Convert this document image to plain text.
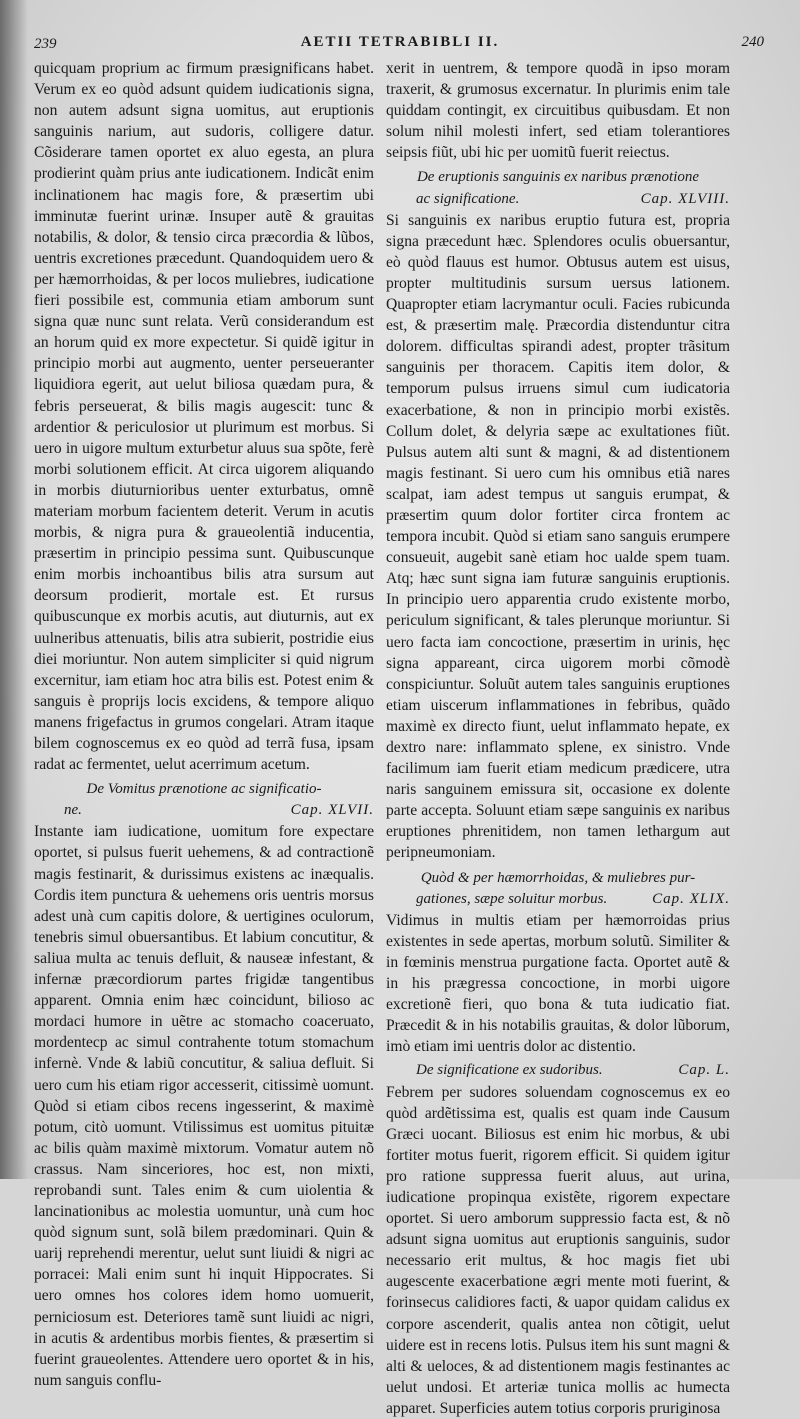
239	AETII TETRABIBLI II.	240

quicquam proprium ac firmum præsignificans habet. Verum ex eo quòd adsunt quidem iudicationis signa, non autem adsunt signa uomitus, aut eruptionis sanguinis narium, aut sudoris, colligere datur. Cõsiderare tamen oportet ex aluo egesta, an plura prodierint quàm prius ante iudicationem. Indicãt enim inclinationem hac magis fore, & præsertim ubi imminutæ fuerint urinæ. Insuper autẽ & grauitas notabilis, & dolor, & tensio circa præcordia & lũbos, uentris excretiones præcedunt. Quandoquidem uero & per hæmorrhoidas, & per locos muliebres, iudicatione fieri possibile est, communia etiam amborum sunt signa quæ nunc sunt relata. Verũ considerandum est an horum quid ex more expectetur. Si quidẽ igitur in principio morbi aut augmento, uenter perseueranter liquidiora egerit, aut uelut biliosa quædam pura, & febris perseuerat, & bilis magis augescit: tunc & ardentior & periculosior ut plurimum est morbus. Si uero in uigore multum exturbetur aluus sua spõte, ferè morbi solutionem efficit. At circa uigorem aliquando in morbis diuturnioribus uenter exturbatus, omnẽ materiam morbum facientem deterit. Verum in acutis morbis, & nigra pura & graueolentiã inducentia, præsertim in principio pessima sunt. Quibuscunque enim morbis inchoantibus bilis atra sursum aut deorsum prodierit, mortale est. Et rursus quibuscunque ex morbis acutis, aut diuturnis, aut ex uulneribus attenuatis, bilis atra subierit, postridie eius diei moriuntur. Non autem simpliciter si quid nigrum excernitur, iam etiam hoc atra bilis est. Potest enim & sanguis è proprijs locis excidens, & tempore aliquo manens frigefactus in grumos congelari. Atram itaque bilem cognoscemus ex eo quòd ad terrã fusa, ipsam radat ac fermentet, uelut acerrimum acetum.

De Vomitus prænotione ac significatio-
ne.	Cap. XLVII.

Instante iam iudicatione, uomitum fore expectare oportet, si pulsus fuerit uehemens, & ad contractionẽ magis festinarit, & durissimus existens ac inæqualis. Cordis item punctura & uehemens oris uentris morsus adest unà cum capitis dolore, & uertigines oculorum, tenebris simul obuersantibus. Et labium concutitur, & saliua multa ac tenuis defluit, & nauseæ infestant, & infernæ præcordiorum partes frigidæ tangentibus apparent. Omnia enim hæc coincidunt, bilioso ac mordaci humore in uẽtre ac stomacho coaceruato, mordentecp ac simul contrahente totum stomachum infernè. Vnde & labiũ concutitur, & saliua defluit. Si uero cum his etiam rigor accesserit, citissimè uomunt. Quòd si etiam cibos recens ingesserint, & maximè potum, citò uomunt. Vtilissimus est uomitus pituitæ ac bilis quàm maximè mixtorum. Vomatur autem nõ crassus. Nam sinceriores, hoc est, non mixti, reprobandi sunt. Tales enim & cum uiolentia & lancinationibus ac molestia uomuntur, unà cum hoc quòd signum sunt, solã bilem prædominari. Quin & uarij reprehendi merentur, uelut sunt liuidi & nigri ac porracei: Mali enim sunt hi inquit Hippocrates. Si uero omnes hos colores idem homo uomuerit, perniciosum est. Deteriores tamẽ sunt liuidi ac nigri, in acutis & ardentibus morbis fientes, & præsertim si fuerint graueolentes. Attendere uero oportet & in his, num sanguis conflu-

xerit in uentrem, & tempore quodã in ipso moram traxerit, & grumosus excernatur. In plurimis enim tale quiddam contingit, ex circuitibus quibusdam. Et non solum nihil molesti infert, sed etiam tolerantiores seipsis fiũt, ubi hic per uomitũ fuerit reiectus.

De eruptionis sanguinis ex naribus prænotione
ac significatione.	Cap. XLVIII.

Si sanguinis ex naribus eruptio futura est, propria signa præcedunt hæc. Splendores oculis obuersantur, eò quòd flauus est humor. Obtusus autem est uisus, propter multitudinis sursum uersus lationem. Quapropter etiam lacrymantur oculi. Facies rubicunda est, & præsertim malę. Præcordia distenduntur citra dolorem. difficultas spirandi adest, propter trãsitum sanguinis per thoracem. Capitis item dolor, & temporum pulsus irruens simul cum iudicatoria exacerbatione, & non in principio morbi existẽs. Collum dolet, & delyria sæpe ac exultationes fiũt. Pulsus autem alti sunt & magni, & ad distentionem magis festinant. Si uero cum his omnibus etiã nares scalpat, iam adest tempus ut sanguis erumpat, & præsertim quum dolor fortiter circa frontem ac tempora incubit. Quòd si etiam sano sanguis erumpere consueuit, augebit sanè etiam hoc ualde spem tuam. Atq; hæc sunt signa iam futuræ sanguinis eruptionis. In principio uero apparentia crudo existente morbo, periculum significant, & tales plerunque moriuntur. Si uero facta iam concoctione, præsertim in urinis, hęc signa appareant, circa uigorem morbi cõmodè conspiciuntur. Soluũt autem tales sanguinis eruptiones etiam uiscerum inflammationes in febribus, quãdo maximè ex directo fiunt, uelut inflammato hepate, ex dextro nare: inflammato splene, ex sinistro. Vnde facilimum iam fuerit etiam medicum prædicere, utra naris sanguinem emissura sit, occasione ex dolente parte accepta. Soluunt etiam sæpe sanguinis ex naribus eruptiones phrenitidem, non tamen lethargum aut peripneumoniam.

Quòd & per hæmorrhoidas, & muliebres pur-
gationes, sæpe soluitur morbus.	Cap. XLIX.

Vidimus in multis etiam per hæmorroidas prius existentes in sede apertas, morbum solutũ. Similiter & in fœminis menstrua purgatione facta. Oportet autẽ & in his prægressa concoctione, in morbi uigore excretionẽ fieri, quo bona & tuta iudicatio fiat. Præcedit & in his notabilis grauitas, & dolor lũborum, imò etiam imi uentris dolor ac distentio.

De significatione ex sudoribus.	Cap. L.

Febrem per sudores soluendam cognoscemus ex eo quòd ardẽtissima est, qualis est quam inde Causum Græci uocant. Biliosus est enim hic morbus, & ubi fortiter motus fuerit, rigorem efficit. Si quidem igitur pro ratione suppressa fuerit aluus, aut urina, iudicatione propinqua existẽte, rigorem expectare oportet. Si uero amborum suppressio facta est, & nõ adsunt signa uomitus aut eruptionis sanguinis, sudor necessario erit multus, & hoc magis fiet ubi augescente exacerbatione ægri mente moti fuerint, & forinsecus calidiores facti, & uapor quidam calidus ex corpore ascenderit, qualis antea non cõtigit, uelut uidere est in recens lotis. Pulsus item his sunt magni & alti & ueloces, & ad distentionem magis festinantes ac uelut undosi. Et arteriæ tunica mollis ac humecta apparet. Superficies autem totius corporis pruriginosa
